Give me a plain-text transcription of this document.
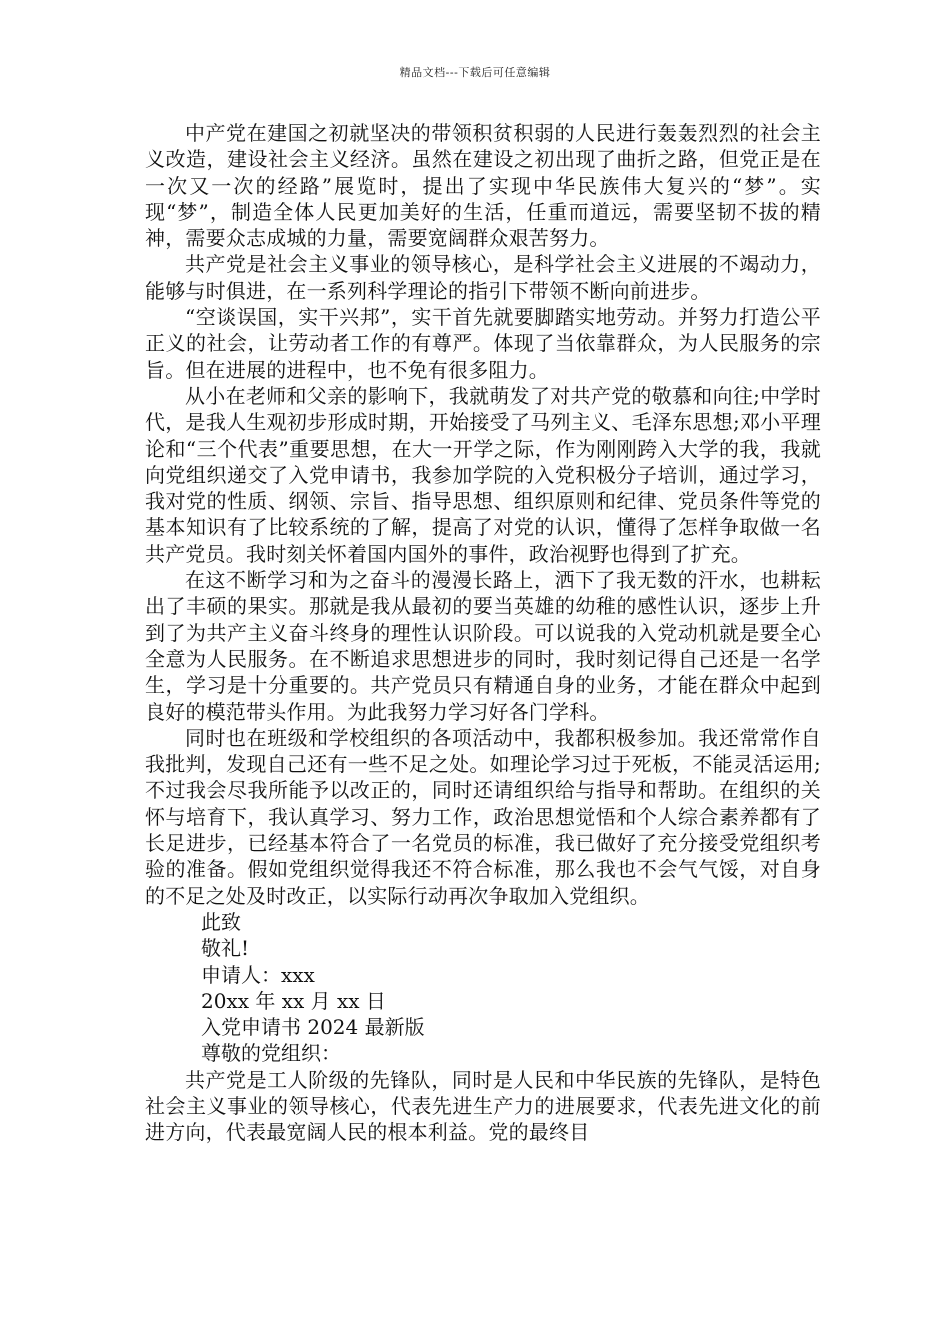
精品文档---下载后可任意编辑

中产党在建国之初就坚决的带领积贫积弱的人民进行轰轰烈烈的社会主义改造，建设社会主义经济。虽然在建设之初出现了曲折之路，但党正是在一次又一次的经路”展览时，提出了实现中华民族伟大复兴的“梦”。实现“梦”，制造全体人民更加美好的生活，任重而道远，需要坚韧不拔的精神，需要众志成城的力量，需要宽阔群众艰苦努力。

共产党是社会主义事业的领导核心，是科学社会主义进展的不竭动力，能够与时俱进，在一系列科学理论的指引下带领不断向前进步。

“空谈误国，实干兴邦”，实干首先就要脚踏实地劳动。并努力打造公平正义的社会，让劳动者工作的有尊严。体现了当依靠群众，为人民服务的宗旨。但在进展的进程中，也不免有很多阻力。

从小在老师和父亲的影响下，我就萌发了对共产党的敬慕和向往;中学时代，是我人生观初步形成时期，开始接受了马列主义、毛泽东思想;邓小平理论和“三个代表”重要思想，在大一开学之际，作为刚刚跨入大学的我，我就向党组织递交了入党申请书，我参加学院的入党积极分子培训，通过学习，我对党的性质、纲领、宗旨、指导思想、组织原则和纪律、党员条件等党的基本知识有了比较系统的了解，提高了对党的认识，懂得了怎样争取做一名共产党员。我时刻关怀着国内国外的事件，政治视野也得到了扩充。

在这不断学习和为之奋斗的漫漫长路上，洒下了我无数的汗水，也耕耘出了丰硕的果实。那就是我从最初的要当英雄的幼稚的感性认识，逐步上升到了为共产主义奋斗终身的理性认识阶段。可以说我的入党动机就是要全心全意为人民服务。在不断追求思想进步的同时，我时刻记得自己还是一名学生，学习是十分重要的。共产党员只有精通自身的业务，才能在群众中起到良好的模范带头作用。为此我努力学习好各门学科。

同时也在班级和学校组织的各项活动中，我都积极参加。我还常常作自我批判，发现自己还有一些不足之处。如理论学习过于死板，不能灵活运用;不过我会尽我所能予以改正的，同时还请组织给与指导和帮助。在组织的关怀与培育下，我认真学习、努力工作，政治思想觉悟和个人综合素养都有了长足进步，已经基本符合了一名党员的标准，我已做好了充分接受党组织考验的准备。假如党组织觉得我还不符合标准，那么我也不会气气馁，对自身的不足之处及时改正，以实际行动再次争取加入党组织。

此致

敬礼!

申请人：xxx

20xx 年 xx 月 xx 日

入党申请书 2024 最新版

尊敬的党组织：

共产党是工人阶级的先锋队，同时是人民和中华民族的先锋队，是特色社会主义事业的领导核心，代表先进生产力的进展要求，代表先进文化的前进方向，代表最宽阔人民的根本利益。党的最终目
